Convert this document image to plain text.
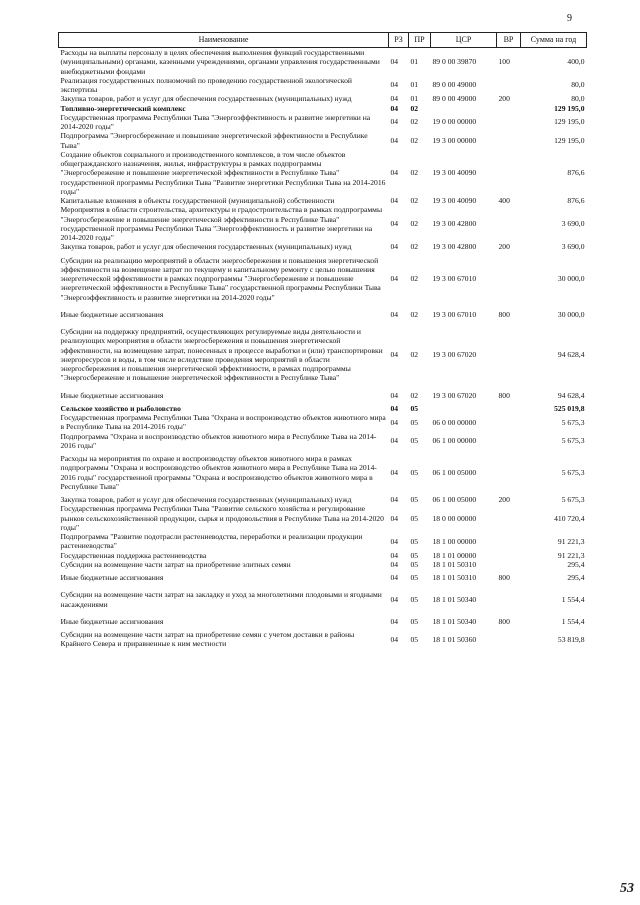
9
Наименование	РЗ	ПР	ЦСР	ВР	Сумма на год
Расходы на выплаты персоналу в целях обеспечения выполнения функций государственными (муниципальными) органами, казенными учреждениями, органами управления государственными внебюджетными фондами	04	01	89 0 00 39870	100	400,0
Реализация государственных полномочий по проведению государственной экологической экспертизы	04	01	89 0 00 49000		80,0
Закупка товаров, работ и услуг для обеспечения государственных (муниципальных) нужд	04	01	89 0 00 49000	200	80,0
Топливно-энергетический комплекс	04	02			129 195,0
Государственная программа Республики Тыва "Энергоэффективность и развитие энергетики на 2014-2020 годы"	04	02	19 0 00 00000		129 195,0
Подпрограмма "Энергосбережение и повышение энергетической эффективности в Республике Тыва"	04	02	19 3 00 00000		129 195,0
Создание объектов социального и производственного комплексов, в том числе объектов общегражданского назначения, жилья, инфраструктуры в рамках подпрограммы "Энергосбережение и повышение энергетической эффективности в Республике Тыва" государственной программы Республики Тыва "Развитие энергетики Республики Тыва на 2014-2016 годы"	04	02	19 3 00 40090		876,6
Капитальные вложения в объекты государственной (муниципальной) собственности	04	02	19 3 00 40090	400	876,6
Мероприятия в области строительства, архитектуры и градостроительства в рамках подпрограммы "Энергосбережение и повышение энергетической эффективности в Республике Тыва" государственной программы Республики Тыва "Энергоэффективность и развитие энергетики на 2014-2020 годы"	04	02	19 3 00 42800		3 690,0
Закупка товаров, работ и услуг для обеспечения государственных (муниципальных) нужд	04	02	19 3 00 42800	200	3 690,0
Субсидии на реализацию мероприятий в области энергосбережения и повышения энергетической эффективности на возмещение затрат по текущему и капитальному ремонту с целью повышения энергетической эффективности в рамках подпрограммы "Энергосбережение и повышение энергетической эффективности в Республике Тыва" государственной программы Республики Тыва "Энергоэффективность и развитие энергетики на 2014-2020 годы"	04	02	19 3 00 67010		30 000,0
Иные бюджетные ассигнования	04	02	19 3 00 67010	800	30 000,0
Субсидии на поддержку предприятий, осуществляющих регулируемые виды деятельности и реализующих мероприятия в области энергосбережения и повышения энергетической эффективности, на возмещение затрат, понесенных в процессе выработки и (или) транспортировки энергоресурсов и воды, в том числе вследствие проведения мероприятий в области энергосбережения и повышения энергетической эффективности, в рамках подпрограммы "Энергосбережение и повышение энергетической эффективности в Республике Тыва"	04	02	19 3 00 67020		94 628,4
Иные бюджетные ассигнования	04	02	19 3 00 67020	800	94 628,4
Сельское хозяйство и рыболовство	04	05			525 019,8
Государственная программа Республики Тыва "Охрана и воспроизводство объектов животного мира в Республике Тыва на 2014-2016 годы"	04	05	06 0 00 00000		5 675,3
Подпрограмма "Охрана и воспроизводство объектов животного мира в Республике Тыва на 2014-2016 годы"	04	05	06 1 00 00000		5 675,3
Расходы на мероприятия по охране и воспроизводству объектов животного мира в рамках подпрограммы "Охрана и воспроизводство объектов животного мира в Республике Тыва на 2014-2016 годы" государственной программы "Охрана и воспроизводство объектов животного мира в Республике Тыва"	04	05	06 1 00 05000		5 675,3
Закупка товаров, работ и услуг для обеспечения государственных (муниципальных) нужд	04	05	06 1 00 05000	200	5 675,3
Государственная программа Республики Тыва "Развитие сельского хозяйства и регулирование рынков сельскохозяйственной продукции, сырья и продовольствия в Республике Тыва на 2014-2020 годы"	04	05	18 0 00 00000		410 720,4
Подпрограмма "Развитие подотрасли растениеводства, переработки и реализации продукции растениеводства"	04	05	18 1 00 00000		91 221,3
Государственная поддержка растениеводства	04	05	18 1 01 00000		91 221,3
Субсидии на возмещение части затрат на приобретение элитных семян	04	05	18 1 01 50310		295,4
Иные бюджетные ассигнования	04	05	18 1 01 50310	800	295,4
Субсидии на возмещение части затрат на закладку и уход за многолетними плодовыми и ягодными насаждениями	04	05	18 1 01 50340		1 554,4
Иные бюджетные ассигнования	04	05	18 1 01 50340	800	1 554,4
Субсидии на возмещение части затрат на приобретение семян с учетом доставки в районы Крайнего Севера и приравненные к ним местности	04	05	18 1 01 50360		53 819,8
53
